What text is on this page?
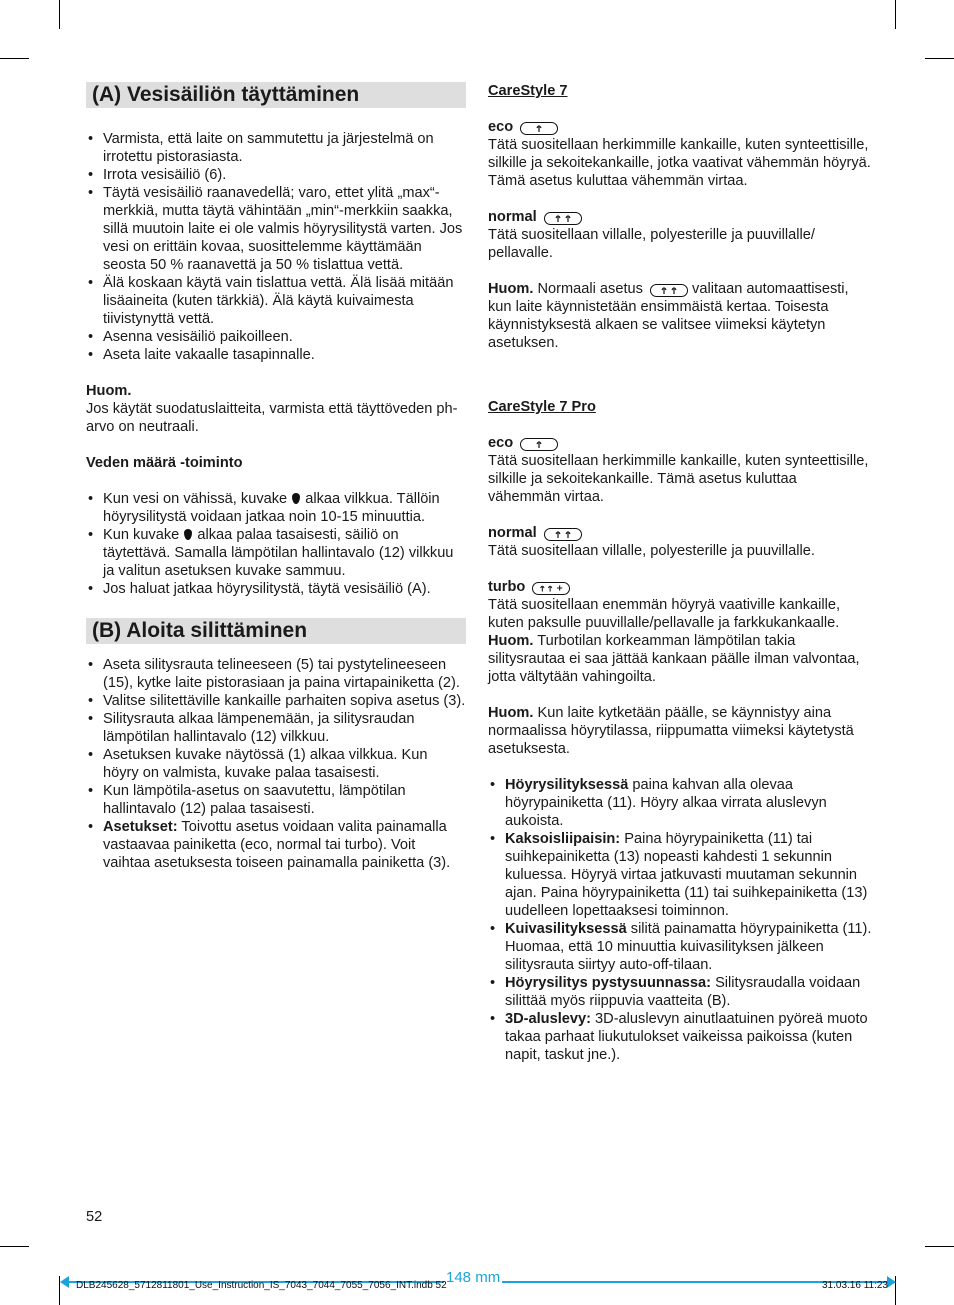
(A) Vesisäiliön täyttäminen
• Varmista, että laite on sammutettu ja järjestelmä on irrotettu pistorasiasta.
• Irrota vesisäiliö (6).
• Täytä vesisäiliö raanavedellä; varo, ettet ylitä „max“-merkkiä, mutta täytä vähintään „min“-merkkiin saakka, sillä muutoin laite ei ole valmis höyrysilitystä varten. Jos vesi on erittäin kovaa, suosittelemme käyttämään seosta 50 % raanavettä ja 50 % tislattua vettä.
• Älä koskaan käytä vain tislattua vettä. Älä lisää mitään lisäaineita (kuten tärkkiä). Älä käytä kuivaimesta tiivistynyttä vettä.
• Asenna vesisäiliö paikoilleen.
• Aseta laite vakaalle tasapinnalle.

Huom.

Jos käytät suodatuslaitteita, varmista että täyttöveden ph-arvo on neutraali.

Veden määrä -toiminto

• Kun vesi on vähissä, kuvake alkaa vilkkua. Tällöin höyrysilitystä voidaan jatkaa noin 10-15 minuuttia.
• Kun kuvake alkaa palaa tasaisesti, säiliö on täytettävä. Samalla lämpötilan hallintavalo (12) vilkkuu ja valitun asetuksen kuvake sammuu.
• Jos haluat jatkaa höyrysilitystä, täytä vesisäiliö (A).
(B) Aloita silittäminen
• Aseta silitysrauta telineeseen (5) tai pystytelineeseen (15), kytke laite pistorasiaan ja paina virtapainiketta (2).
• Valitse silitettäville kankaille parhaiten sopiva asetus (3).
• Silitysrauta alkaa lämpenemään, ja silitysraudan lämpötilan hallintavalo (12) vilkkuu.
• Asetuksen kuvake näytössä (1) alkaa vilkkua. Kun höyry on valmista, kuvake palaa tasaisesti.
• Kun lämpötila-asetus on saavutettu, lämpötilan hallintavalo (12) palaa tasaisesti.
• Asetukset: Toivottu asetus voidaan valita painamalla vastaavaa painiketta (eco, normal tai turbo). Voit vaihtaa asetuksesta toiseen painamalla painiketta (3).

CareStyle 7

eco

Tätä suositellaan herkimmille kankaille, kuten synteettisille, silkille ja sekoitekankaille, jotka vaativat vähemmän höyryä. Tämä asetus kuluttaa vähemmän virtaa.

normal

Tätä suositellaan villalle, polyesterille ja puuvillalle/ pellavalle.

Huom. Normaali asetus	valitaan automaattisesti, kun laite käynnistetään ensimmäistä kertaa. Toisesta käynnistyksestä alkaen se valitsee viimeksi käytetyn asetuksen.

CareStyle 7 Pro

eco

Tätä suositellaan herkimmille kankaille, kuten synteettisille, silkille ja sekoitekankaille. Tämä asetus kuluttaa vähemmän virtaa.

normal

Tätä suositellaan villalle, polyesterille ja puuvillalle.

turbo

Tätä suositellaan enemmän höyryä vaativille kankaille, kuten paksulle puuvillalle/pellavalle ja farkkukankaalle.

Huom. Turbotilan korkeamman lämpötilan takia silitysrautaa ei saa jättää kankaan päälle ilman valvontaa, jotta vältytään vahingoilta.

Huom. Kun laite kytketään päälle, se käynnistyy aina normaalissa höyrytilassa, riippumatta viimeksi käytetystä asetuksesta.

• Höyrysilityksessä paina kahvan alla olevaa höyrypainiketta (11). Höyry alkaa virrata aluslevyn aukoista.
• Kaksoisliipaisin: Paina höyrypainiketta (11) tai suihkepainiketta (13) nopeasti kahdesti 1 sekunnin kuluessa. Höyryä virtaa jatkuvasti muutaman sekunnin ajan. Paina höyrypainiketta (11) tai suihkepainiketta (13) uudelleen lopettaaksesi toiminnon.
• Kuivasilityksessä silitä painamatta höyrypainiketta (11). Huomaa, että 10 minuuttia kuivasilityksen jälkeen silitysrauta siirtyy auto-off-tilaan.
• Höyrysilitys pystysuunnassa: Silitysraudalla voidaan silittää myös riippuvia vaatteita (B).
• 3D-aluslevy: 3D-aluslevyn ainutlaatuinen pyöreä muoto takaa parhaat liukutulokset vaikeissa paikoissa (kuten napit, taskut jne.).
52
148 mm
DLB245628_5712811801_Use_Instruction_IS_7043_7044_7055_7056_INT.indb 52	31.03.16 11:23
